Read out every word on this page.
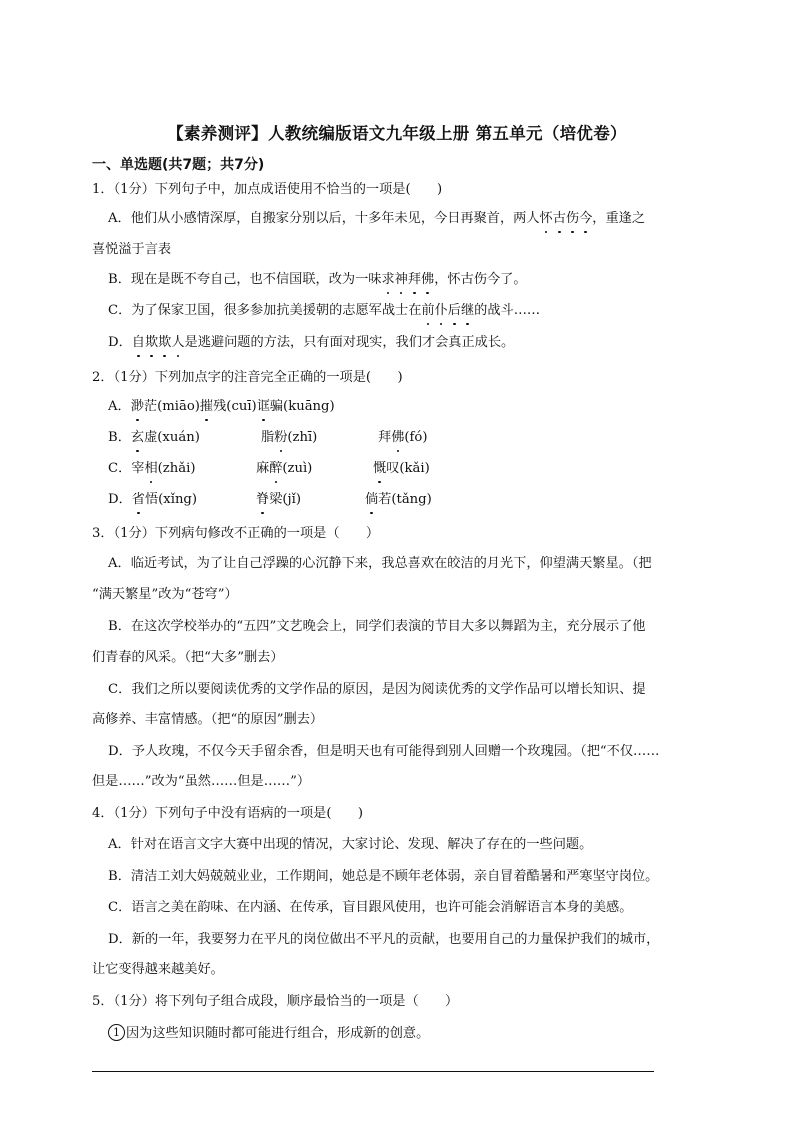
【素养测评】人教统编版语文九年级上册 第五单元（培优卷）
一、单选题(共7题；共7分)
1．（1分）下列句子中，加点成语使用不恰当的一项是(　　)
A．他们从小感情深厚，自搬家分别以后，十多年未见，今日再聚首，两人怀古伤今，重逢之
喜悦溢于言表
B．现在是既不夸自己，也不信国联，改为一味求神拜佛，怀古伤今了。
C．为了保家卫国，很多参加抗美援朝的志愿军战士在前仆后继的战斗……
D．自欺欺人是逃避问题的方法，只有面对现实，我们才会真正成长。
2．（1分）下列加点字的注音完全正确的一项是(　　)
A．渺茫(miāo)摧残(cuī)诓骗(kuāng)
B．玄虚(xuán)	脂粉(zhī)	拜佛(fó)
C．宰相(zhǎi)	麻醉(zuì)	慨叹(kǎi)
D．省悟(xǐng)	脊梁(jǐ)	倘若(tǎng)
3．（1分）下列病句修改不正确的一项是（　　）
A．临近考试，为了让自己浮躁的心沉静下来，我总喜欢在皎洁的月光下，仰望满天繁星。（把
“满天繁星”改为“苍穹”）
B．在这次学校举办的“五四”文艺晚会上，同学们表演的节目大多以舞蹈为主，充分展示了他
们青春的风采。（把“大多”删去）
C．我们之所以要阅读优秀的文学作品的原因，是因为阅读优秀的文学作品可以增长知识、提
高修养、丰富情感。（把“的原因”删去）
D．予人玫瑰，不仅今天手留余香，但是明天也有可能得到别人回赠一个玫瑰园。（把“不仅……
但是……”改为“虽然……但是……”）
4．（1分）下列句子中没有语病的一项是(　　)
A．针对在语言文字大赛中出现的情况，大家讨论、发现、解决了存在的一些问题。
B．清洁工刘大妈兢兢业业，工作期间，她总是不顾年老体弱，亲自冒着酷暑和严寒坚守岗位。
C．语言之美在韵味、在内涵、在传承，盲目跟风使用，也许可能会消解语言本身的美感。
D．新的一年，我要努力在平凡的岗位做出不平凡的贡献，也要用自己的力量保护我们的城市，
让它变得越来越美好。
5．（1分）将下列句子组合成段，顺序最恰当的一项是（　　）
1 因为这些知识随时都可能进行组合，形成新的创意。
